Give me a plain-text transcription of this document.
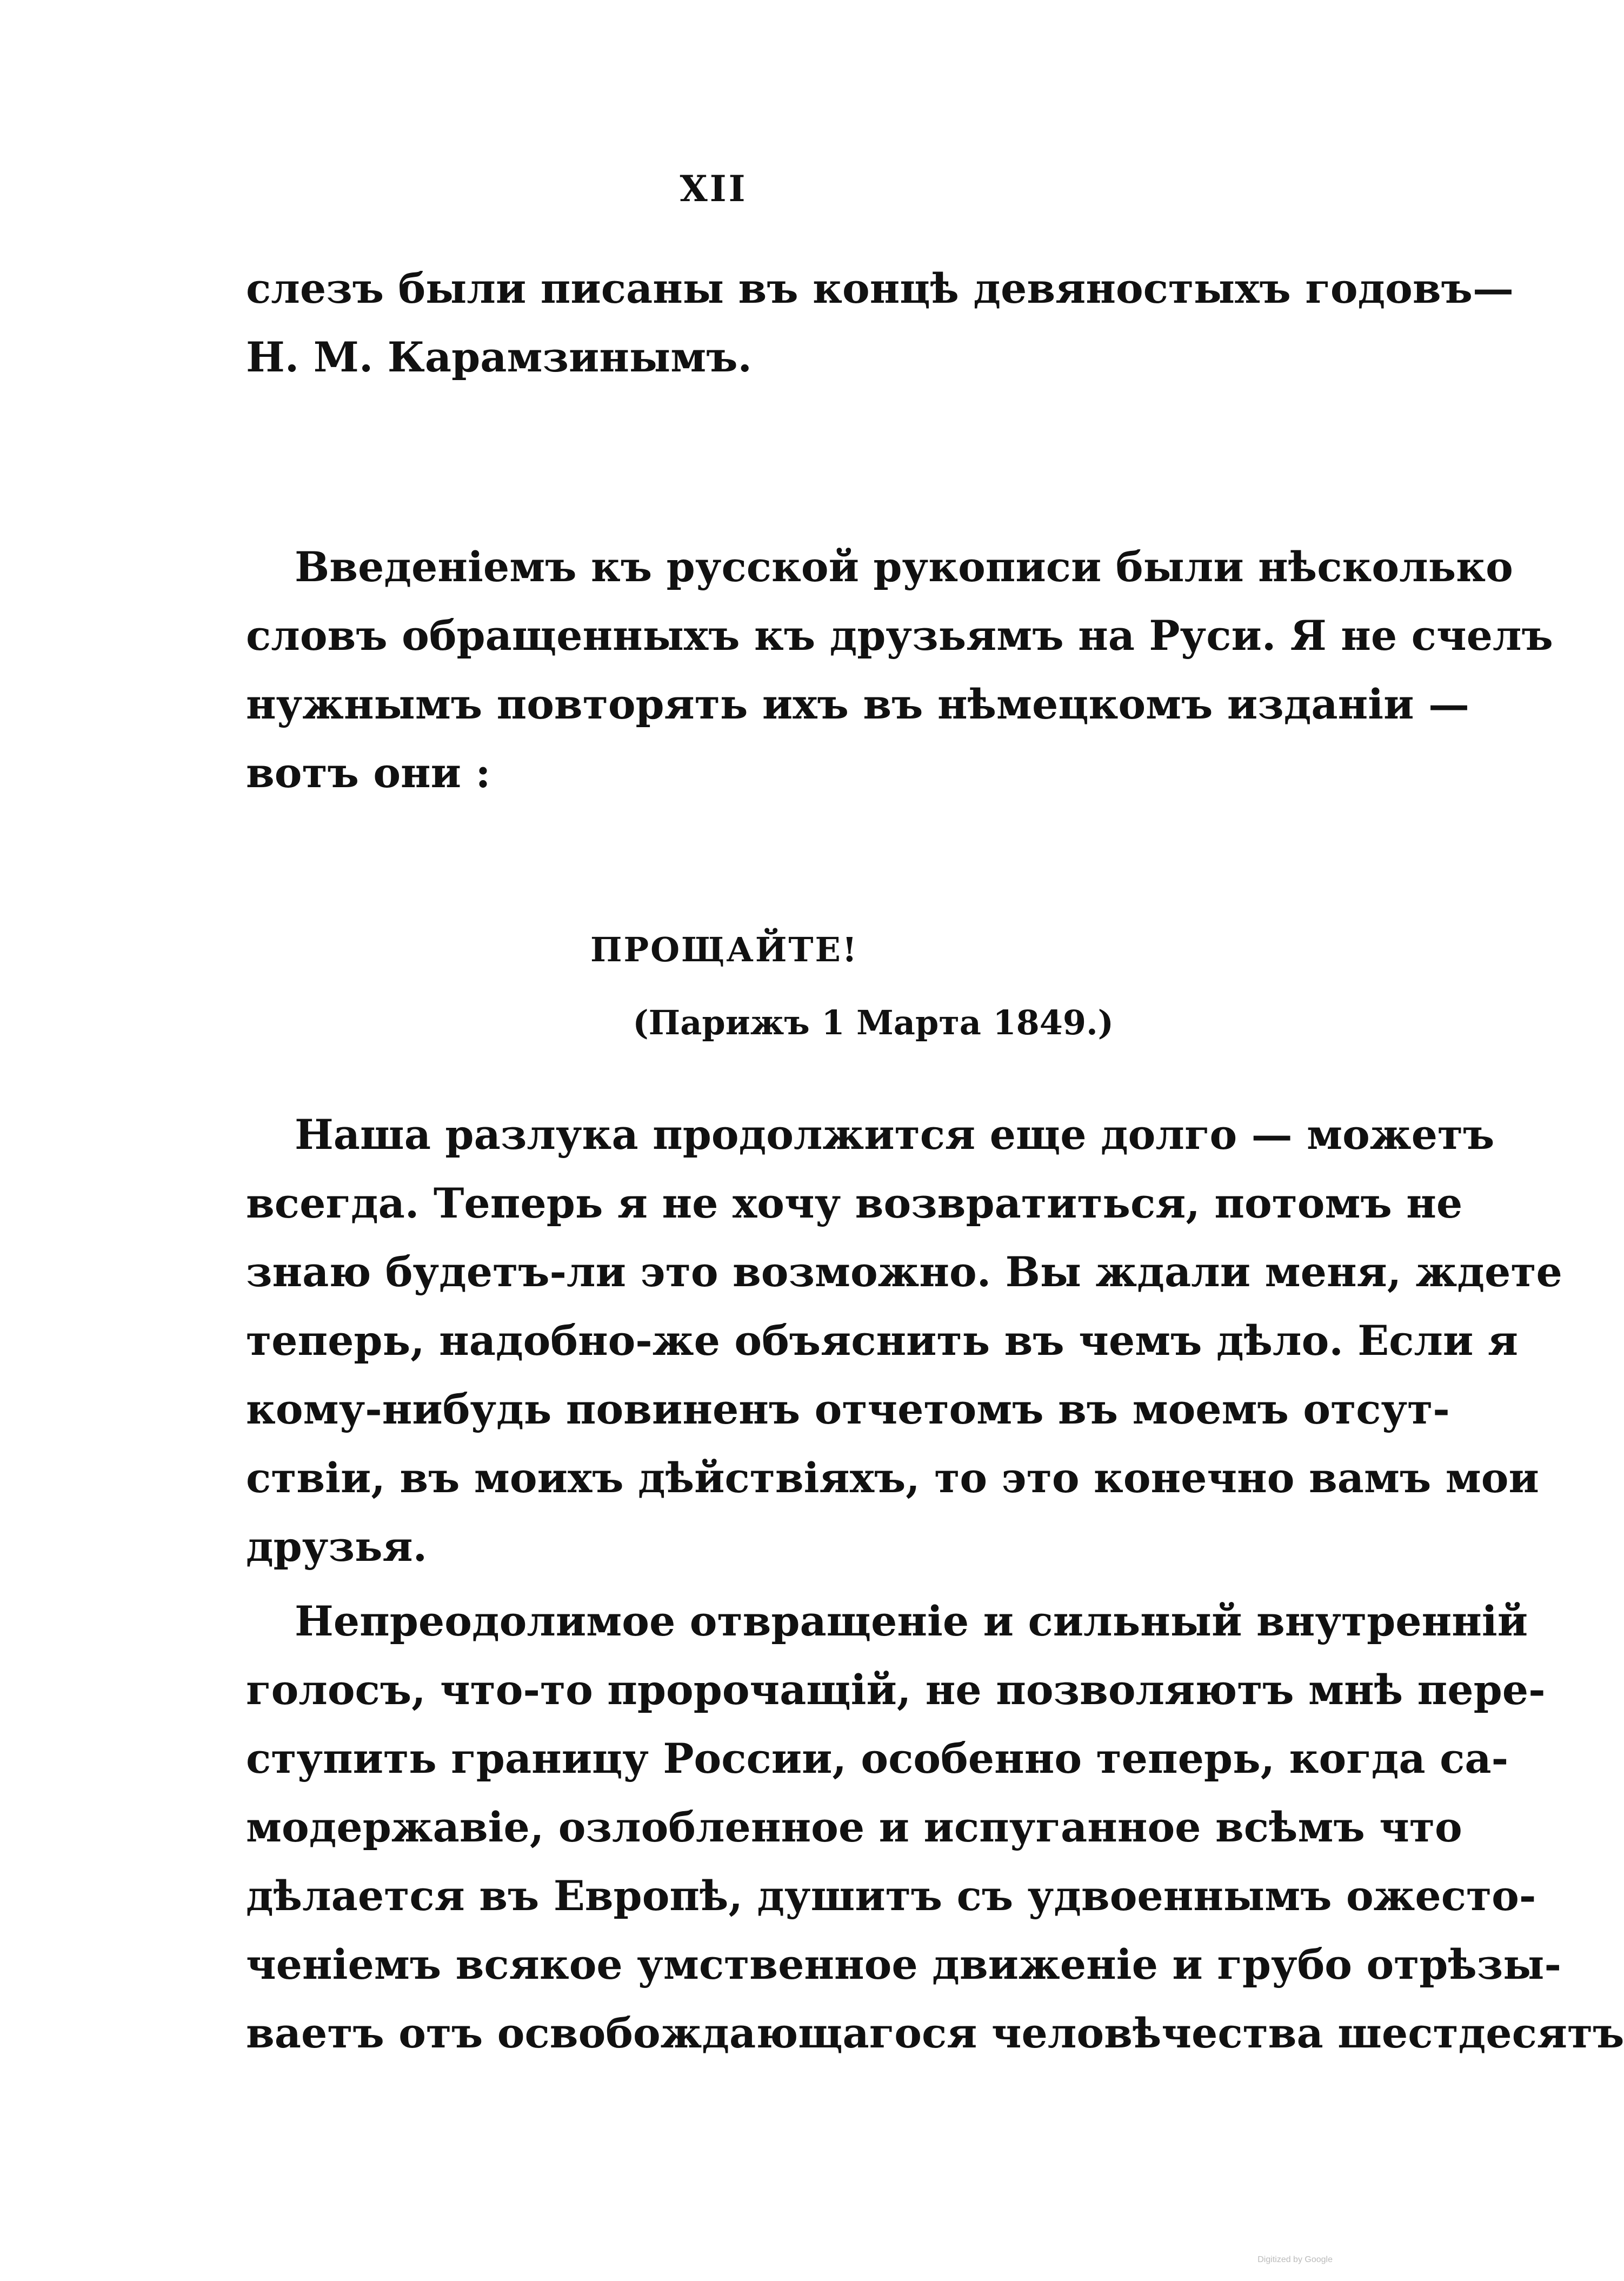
XII
слезъ были писаны въ концѣ девяностыхъ годовъ—
Н. М. Карамзинымъ.
Введеніемъ къ русской рукописи были нѣсколько
словъ обращенныхъ къ друзьямъ на Руси. Я не счелъ
нужнымъ повторять ихъ въ нѣмецкомъ изданіи —
вотъ они :
ПРОЩАЙТЕ!
(Парижъ 1 Марта 1849.)
Наша разлука продолжится еще долго — можетъ
всегда. Теперь я не хочу возвратиться, потомъ не
знаю будетъ-ли это возможно. Вы ждали меня, ждете
теперь, надобно-же объяснить въ чемъ дѣло. Если я
кому-нибудь повиненъ отчетомъ въ моемъ отсут-
ствіи, въ моихъ дѣйствіяхъ, то это конечно вамъ мои
друзья.
Непреодолимое отвращеніе и сильный внутренній
голосъ, что-то пророчащій, не позволяютъ мнѣ пере-
ступить границу России, особенно теперь, когда са-
модержавіе, озлобленное и испуганное всѣмъ что
дѣлается въ Европѣ, душитъ съ удвоеннымъ ожесто-
ченіемъ всякое умственное движеніе и грубо отрѣзы-
ваетъ отъ освобождающагося человѣчества шестдесятъ
Digitized by Google
